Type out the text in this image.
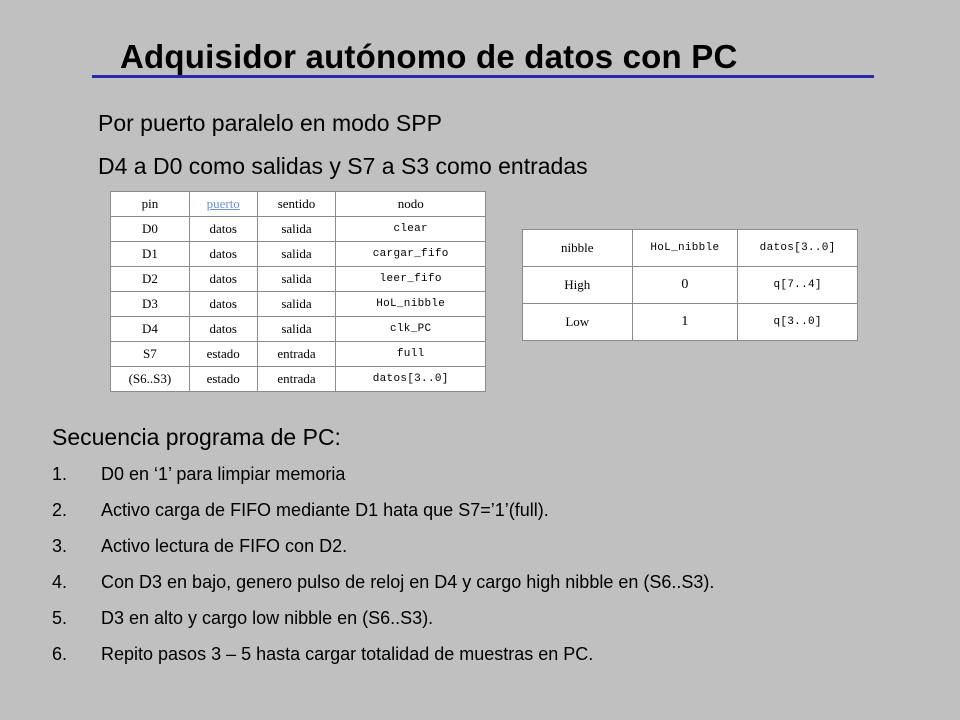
Adquisidor autónomo de datos con PC
Por puerto paralelo en modo SPP
D4 a D0 como salidas y S7 a S3 como entradas
pin	puerto	sentido	nodo
D0	datos	salida	clear
D1	datos	salida	cargar_fifo
D2	datos	salida	leer_fifo
D3	datos	salida	HoL_nibble
D4	datos	salida	clk_PC
S7	estado	entrada	full
(S6..S3)	estado	entrada	datos[3..0]
nibble	HoL_nibble	datos[3..0]
High	0	q[7..4]
Low	1	q[3..0]
Secuencia programa de PC:
1. D0 en ‘1’ para limpiar memoria
2. Activo carga de FIFO mediante D1 hata que S7=’1’(full).
3. Activo lectura de FIFO con D2.
4. Con D3 en bajo, genero pulso de reloj en D4 y cargo high nibble en (S6..S3).
5. D3 en alto y cargo low nibble en (S6..S3).
6. Repito pasos 3 – 5 hasta cargar totalidad de muestras en PC.
